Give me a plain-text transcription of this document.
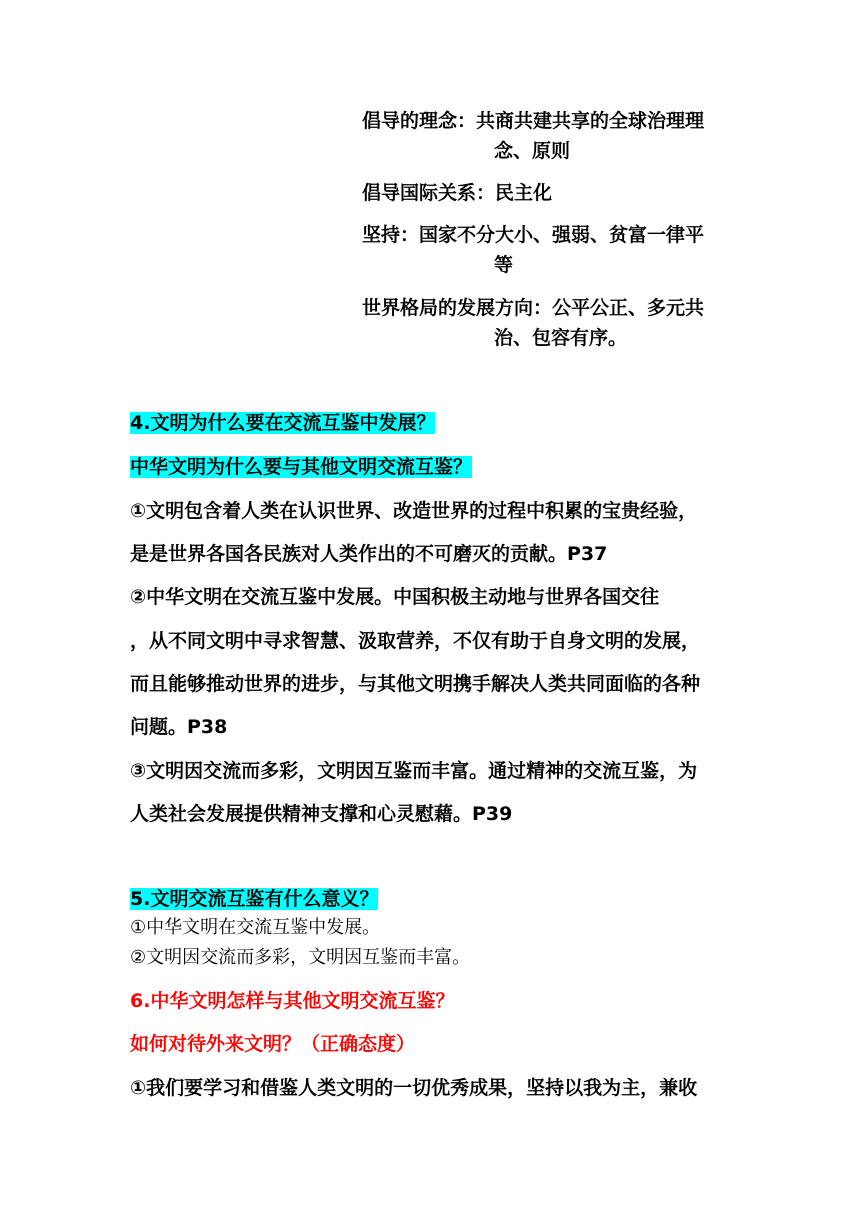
倡导的理念：共商共建共享的全球治理理
念、原则
倡导国际关系：民主化
坚持：国家不分大小、强弱、贫富一律平
等
世界格局的发展方向：公平公正、多元共
治、包容有序。
4.文明为什么要在交流互鉴中发展？
中华文明为什么要与其他文明交流互鉴？
①文明包含着人类在认识世界、改造世界的过程中积累的宝贵经验，
是是世界各国各民族对人类作出的不可磨灭的贡献。P37
②中华文明在交流互鉴中发展。中国积极主动地与世界各国交往
，从不同文明中寻求智慧、汲取营养，不仅有助于自身文明的发展，
而且能够推动世界的进步，与其他文明携手解决人类共同面临的各种
问题。P38
③文明因交流而多彩，文明因互鉴而丰富。通过精神的交流互鉴，为
人类社会发展提供精神支撑和心灵慰藉。P39
5.文明交流互鉴有什么意义？
①中华文明在交流互鉴中发展。
②文明因交流而多彩，文明因互鉴而丰富。
6.中华文明怎样与其他文明交流互鉴？
如何对待外来文明？（正确态度）
①我们要学习和借鉴人类文明的一切优秀成果，坚持以我为主，兼收
